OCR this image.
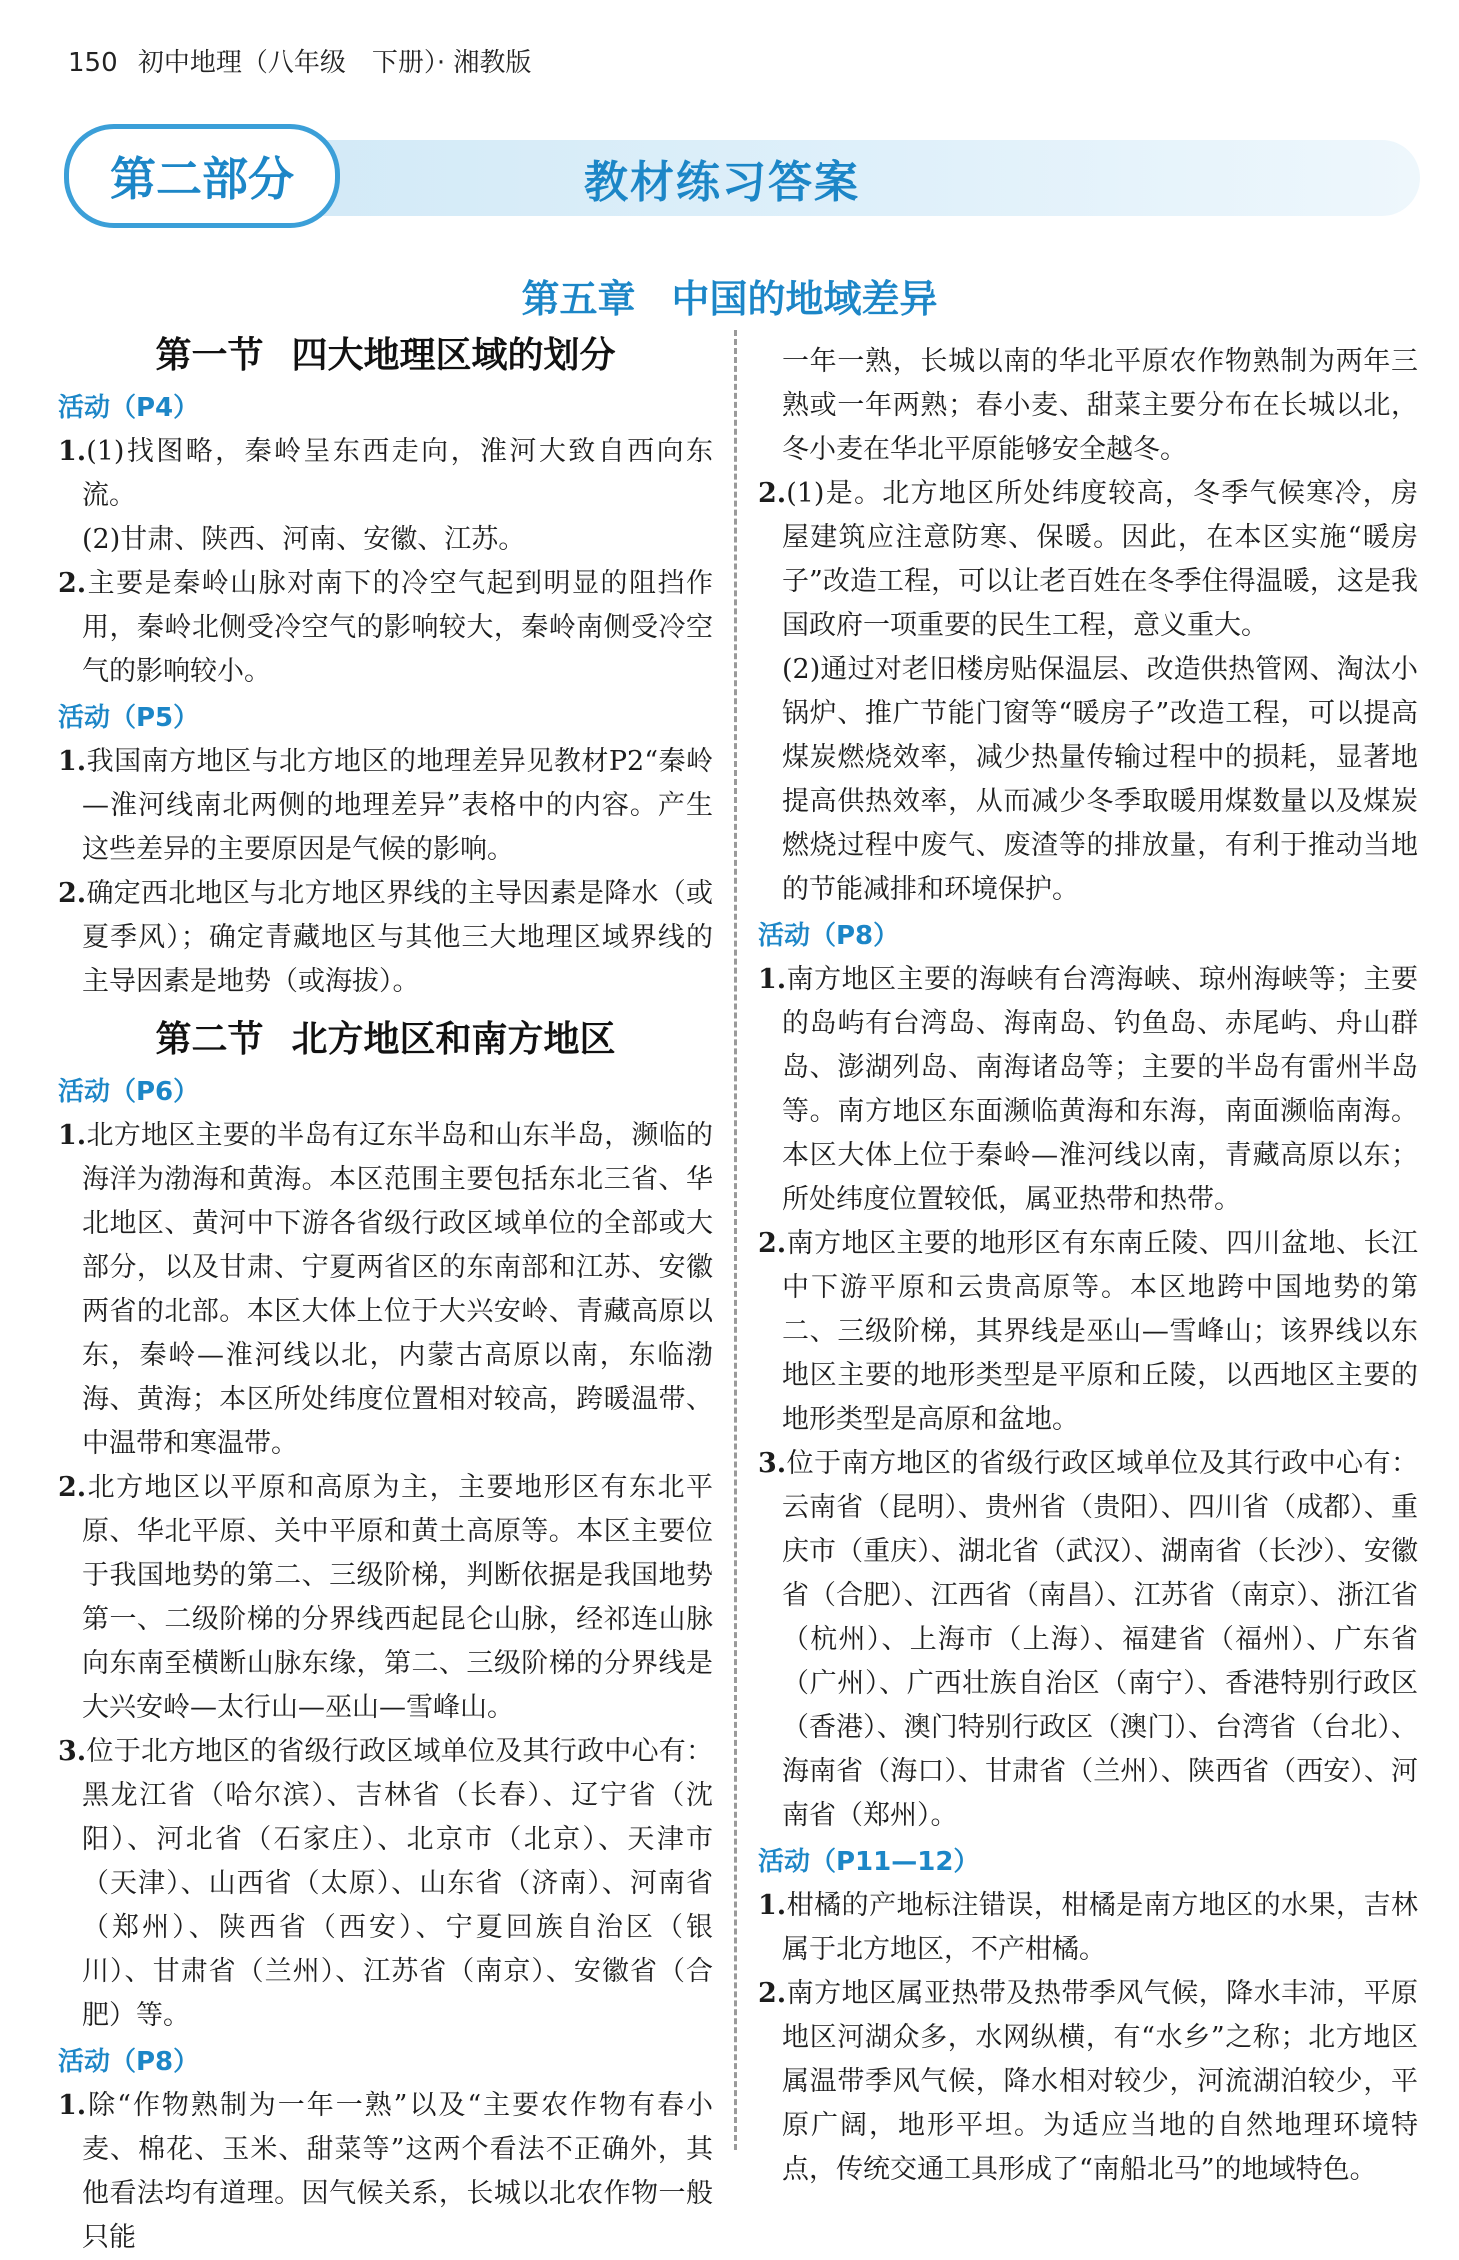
150 初中地理（八年级　下册）· 湘教版
第二部分	教材练习答案
第五章 中国的地域差异
第一节 四大地理区域的划分
活动（P4）
1.(1)找图略，秦岭呈东西走向，淮河大致自西向东流。
(2)甘肃、陕西、河南、安徽、江苏。
2.主要是秦岭山脉对南下的冷空气起到明显的阻挡作用，秦岭北侧受冷空气的影响较大，秦岭南侧受冷空气的影响较小。
活动（P5）
1.我国南方地区与北方地区的地理差异见教材P2“秦岭—淮河线南北两侧的地理差异”表格中的内容。产生这些差异的主要原因是气候的影响。
2.确定西北地区与北方地区界线的主导因素是降水（或夏季风）；确定青藏地区与其他三大地理区域界线的主导因素是地势（或海拔）。
第二节 北方地区和南方地区
活动（P6）
1.北方地区主要的半岛有辽东半岛和山东半岛，濒临的海洋为渤海和黄海。本区范围主要包括东北三省、华北地区、黄河中下游各省级行政区域单位的全部或大部分，以及甘肃、宁夏两省区的东南部和江苏、安徽两省的北部。本区大体上位于大兴安岭、青藏高原以东，秦岭—淮河线以北，内蒙古高原以南，东临渤海、黄海；本区所处纬度位置相对较高，跨暖温带、中温带和寒温带。
2.北方地区以平原和高原为主，主要地形区有东北平原、华北平原、关中平原和黄土高原等。本区主要位于我国地势的第二、三级阶梯，判断依据是我国地势第一、二级阶梯的分界线西起昆仑山脉，经祁连山脉向东南至横断山脉东缘，第二、三级阶梯的分界线是大兴安岭—太行山—巫山—雪峰山。
3.位于北方地区的省级行政区域单位及其行政中心有：黑龙江省（哈尔滨）、吉林省（长春）、辽宁省（沈阳）、河北省（石家庄）、北京市（北京）、天津市（天津）、山西省（太原）、山东省（济南）、河南省（郑州）、陕西省（西安）、宁夏回族自治区（银川）、甘肃省（兰州）、江苏省（南京）、安徽省（合肥）等。
活动（P8）
1.除“作物熟制为一年一熟”以及“主要农作物有春小麦、棉花、玉米、甜菜等”这两个看法不正确外，其他看法均有道理。因气候关系，长城以北农作物一般只能
一年一熟，长城以南的华北平原农作物熟制为两年三熟或一年两熟；春小麦、甜菜主要分布在长城以北，冬小麦在华北平原能够安全越冬。
2.(1)是。北方地区所处纬度较高，冬季气候寒冷，房屋建筑应注意防寒、保暖。因此，在本区实施“暖房子”改造工程，可以让老百姓在冬季住得温暖，这是我国政府一项重要的民生工程，意义重大。
(2)通过对老旧楼房贴保温层、改造供热管网、淘汰小锅炉、推广节能门窗等“暖房子”改造工程，可以提高煤炭燃烧效率，减少热量传输过程中的损耗，显著地提高供热效率，从而减少冬季取暖用煤数量以及煤炭燃烧过程中废气、废渣等的排放量，有利于推动当地的节能减排和环境保护。
活动（P8）
1.南方地区主要的海峡有台湾海峡、琼州海峡等；主要的岛屿有台湾岛、海南岛、钓鱼岛、赤尾屿、舟山群岛、澎湖列岛、南海诸岛等；主要的半岛有雷州半岛等。南方地区东面濒临黄海和东海，南面濒临南海。本区大体上位于秦岭—淮河线以南，青藏高原以东；所处纬度位置较低，属亚热带和热带。
2.南方地区主要的地形区有东南丘陵、四川盆地、长江中下游平原和云贵高原等。本区地跨中国地势的第二、三级阶梯，其界线是巫山—雪峰山；该界线以东地区主要的地形类型是平原和丘陵，以西地区主要的地形类型是高原和盆地。
3.位于南方地区的省级行政区域单位及其行政中心有：云南省（昆明）、贵州省（贵阳）、四川省（成都）、重庆市（重庆）、湖北省（武汉）、湖南省（长沙）、安徽省（合肥）、江西省（南昌）、江苏省（南京）、浙江省（杭州）、上海市（上海）、福建省（福州）、广东省（广州）、广西壮族自治区（南宁）、香港特别行政区（香港）、澳门特别行政区（澳门）、台湾省（台北）、海南省（海口）、甘肃省（兰州）、陕西省（西安）、河南省（郑州）。
活动（P11—12）
1.柑橘的产地标注错误，柑橘是南方地区的水果，吉林属于北方地区，不产柑橘。
2.南方地区属亚热带及热带季风气候，降水丰沛，平原地区河湖众多，水网纵横，有“水乡”之称；北方地区属温带季风气候，降水相对较少，河流湖泊较少，平原广阔，地形平坦。为适应当地的自然地理环境特点，传统交通工具形成了“南船北马”的地域特色。
